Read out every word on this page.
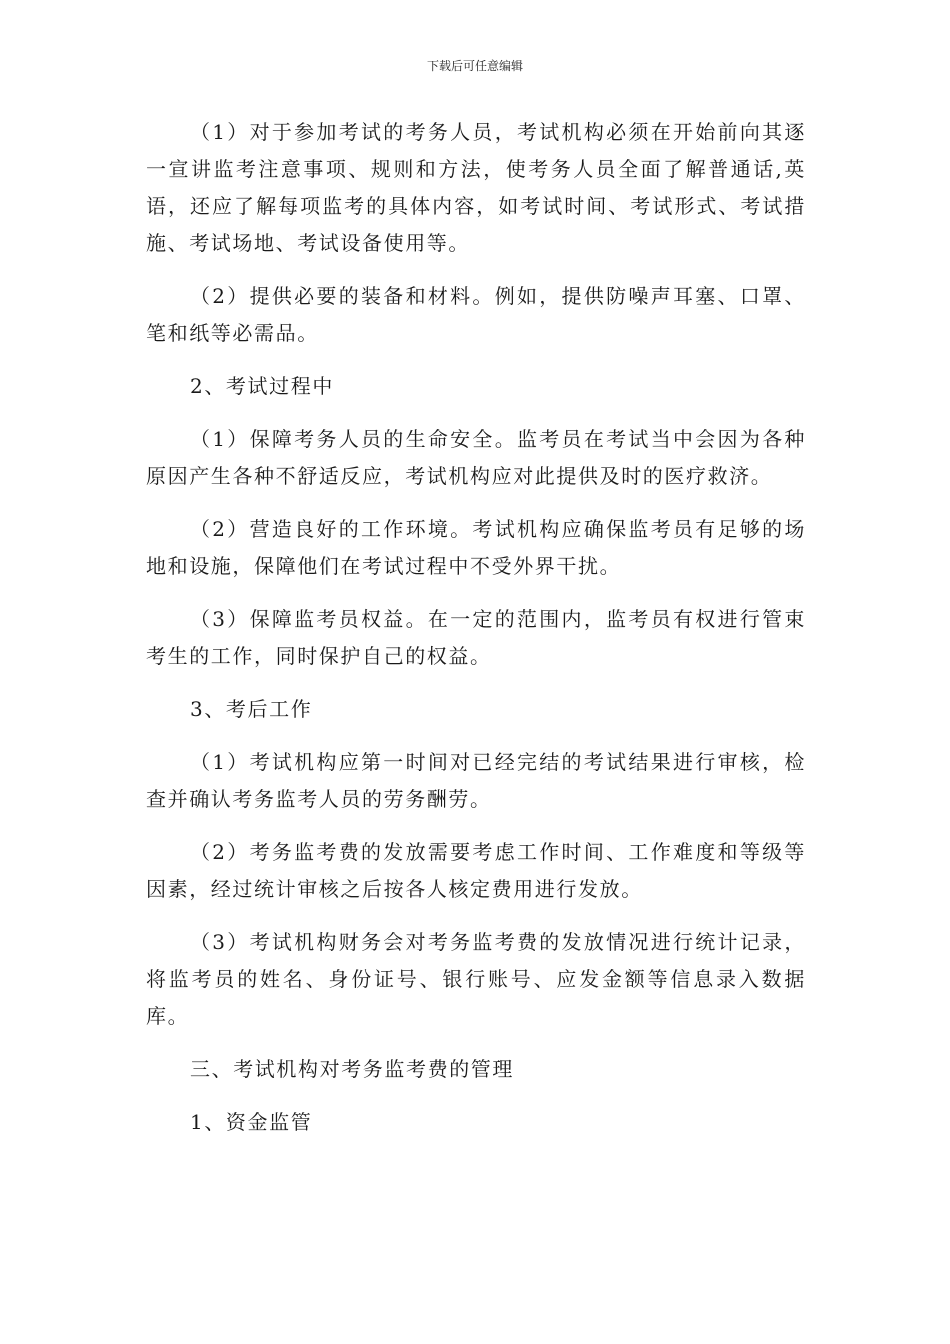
下载后可任意编辑

（1）对于参加考试的考务人员，考试机构必须在开始前向其逐一宣讲监考注意事项、规则和方法，使考务人员全面了解普通话,英语，还应了解每项监考的具体内容，如考试时间、考试形式、考试措施、考试场地、考试设备使用等。

（2）提供必要的装备和材料。例如，提供防噪声耳塞、口罩、笔和纸等必需品。

2、考试过程中

（1）保障考务人员的生命安全。监考员在考试当中会因为各种原因产生各种不舒适反应，考试机构应对此提供及时的医疗救济。

（2）营造良好的工作环境。考试机构应确保监考员有足够的场地和设施，保障他们在考试过程中不受外界干扰。

（3）保障监考员权益。在一定的范围内，监考员有权进行管束考生的工作，同时保护自己的权益。

3、考后工作

（1）考试机构应第一时间对已经完结的考试结果进行审核，检查并确认考务监考人员的劳务酬劳。

（2）考务监考费的发放需要考虑工作时间、工作难度和等级等因素，经过统计审核之后按各人核定费用进行发放。

（3）考试机构财务会对考务监考费的发放情况进行统计记录，将监考员的姓名、身份证号、银行账号、应发金额等信息录入数据库。

三、考试机构对考务监考费的管理

1、资金监管
